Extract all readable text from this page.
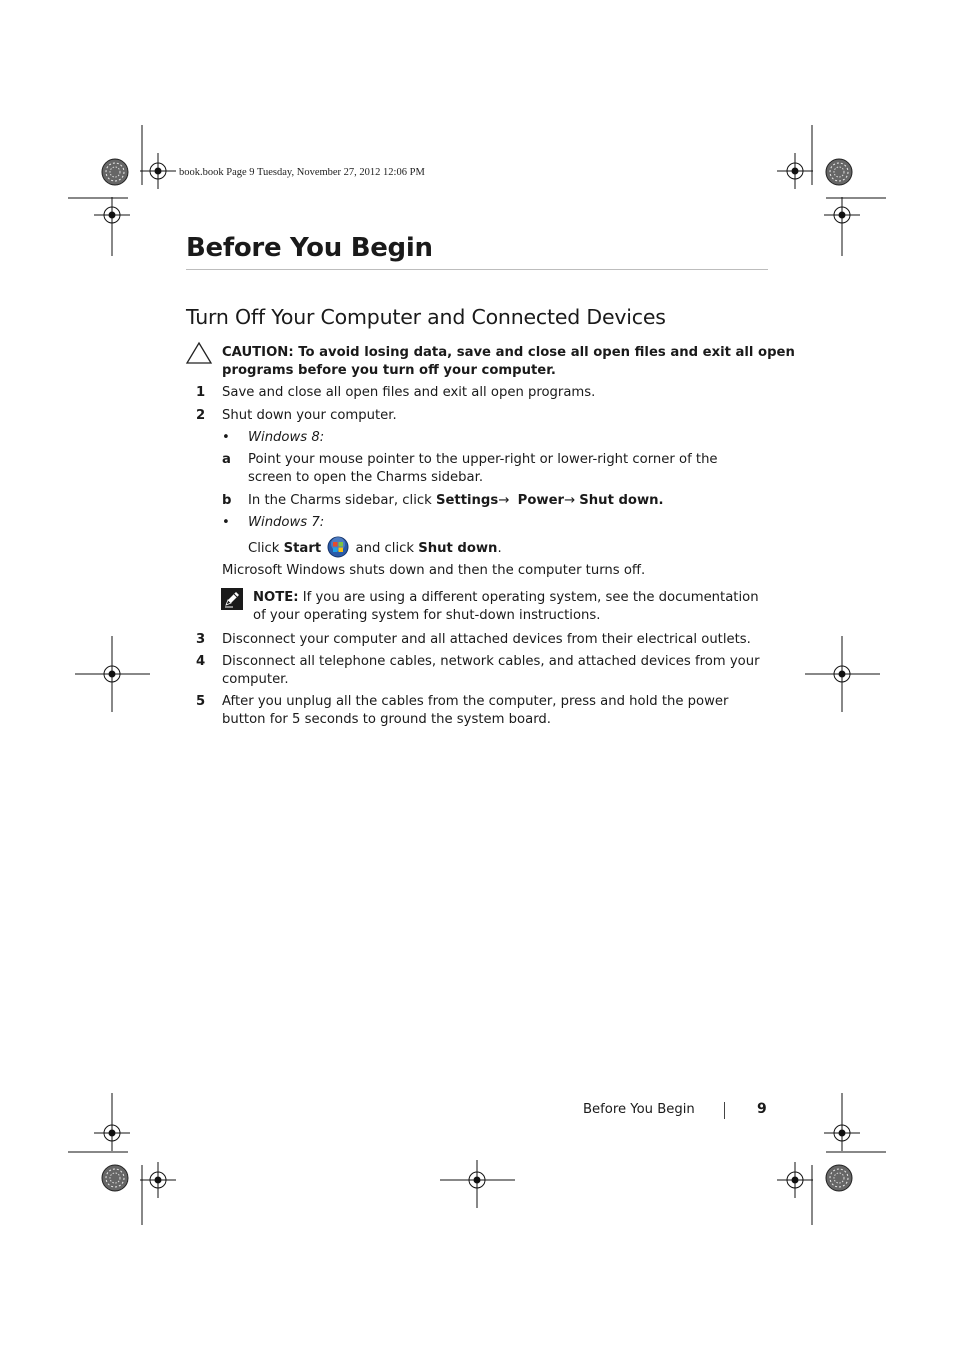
book.book Page 9 Tuesday, November 27, 2012 12:06 PM
Before You Begin
Turn Off Your Computer and Connected Devices
CAUTION: To avoid losing data, save and close all open files and exit all open
programs before you turn off your computer.
1 Save and close all open files and exit all open programs.
2 Shut down your computer.
• Windows 8:
a Point your mouse pointer to the upper-right or lower-right corner of the
screen to open the Charms sidebar.
b In the Charms sidebar, click Settings→ Power→ Shut down.
• Windows 7:
Click Start  and click Shut down.
Microsoft Windows shuts down and then the computer turns off.
NOTE: If you are using a different operating system, see the documentation
of your operating system for shut-down instructions.
3 Disconnect your computer and all attached devices from their electrical outlets.
4 Disconnect all telephone cables, network cables, and attached devices from your
computer.
5 After you unplug all the cables from the computer, press and hold the power
button for 5 seconds to ground the system board.
Before You Begin	9
